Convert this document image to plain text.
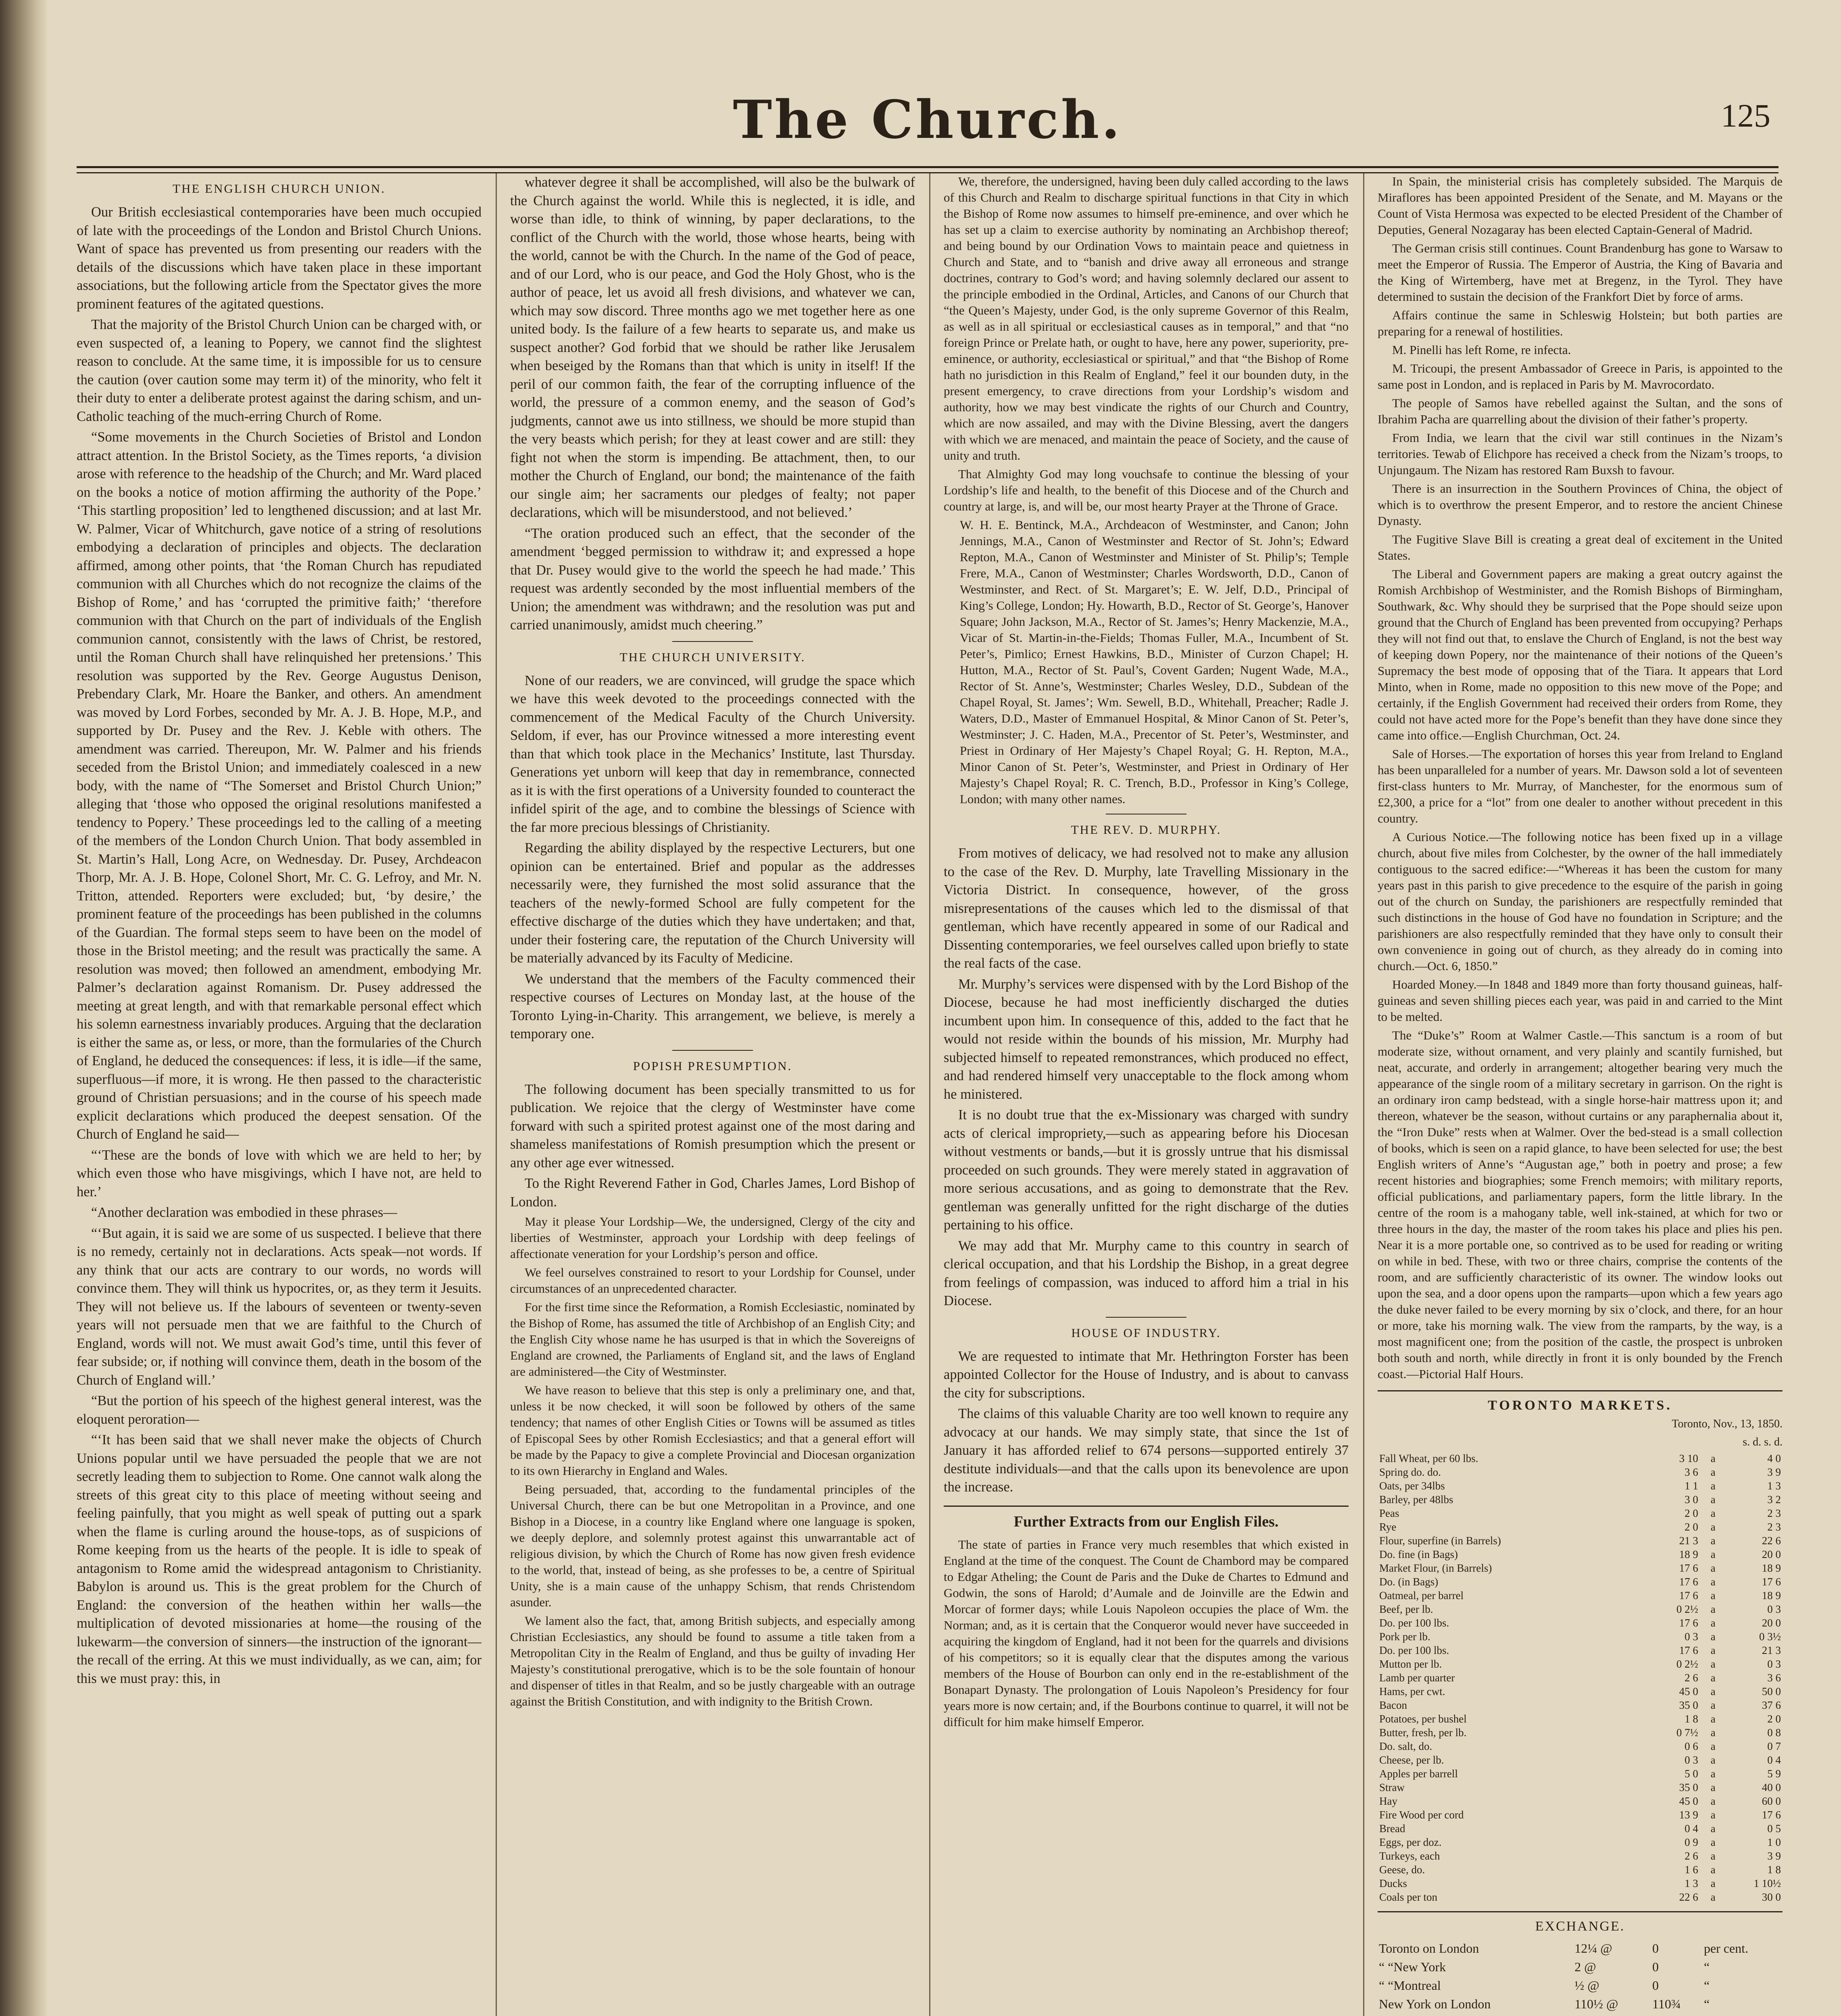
The Church.	125
THE ENGLISH CHURCH UNION.

Our British ecclesiastical contemporaries have been much occupied of late with the proceedings of the London and Bristol Church Unions. Want of space has prevented us from presenting our readers with the details of the discussions which have taken place in these important associations, but the following article from the Spectator gives the more prominent features of the agitated questions.

That the majority of the Bristol Church Union can be charged with, or even suspected of, a leaning to Popery, we cannot find the slightest reason to conclude. At the same time, it is impossible for us to censure the caution (over caution some may term it) of the minority, who felt it their duty to enter a deliberate protest against the daring schism, and un-Catholic teaching of the much-erring Church of Rome.

“Some movements in the Church Societies of Bristol and London attract attention. In the Bristol Society, as the Times reports, ‘a division arose with reference to the headship of the Church; and Mr. Ward placed on the books a notice of motion affirming the authority of the Pope.’ ‘This startling proposition’ led to lengthened discussion; and at last Mr. W. Palmer, Vicar of Whitchurch, gave notice of a string of resolutions embodying a declaration of principles and objects. The declaration affirmed, among other points, that ‘the Roman Church has repudiated communion with all Churches which do not recognize the claims of the Bishop of Rome,’ and has ‘corrupted the primitive faith;’ ‘therefore communion with that Church on the part of individuals of the English communion cannot, consistently with the laws of Christ, be restored, until the Roman Church shall have relinquished her pretensions.’ This resolution was supported by the Rev. George Augustus Denison, Prebendary Clark, Mr. Hoare the Banker, and others. An amendment was moved by Lord Forbes, seconded by Mr. A. J. B. Hope, M.P., and supported by Dr. Pusey and the Rev. J. Keble with others. The amendment was carried. Thereupon, Mr. W. Palmer and his friends seceded from the Bristol Union; and immediately coalesced in a new body, with the name of “The Somerset and Bristol Church Union;” alleging that ‘those who opposed the original resolutions manifested a tendency to Popery.’ These proceedings led to the calling of a meeting of the members of the London Church Union. That body assembled in St. Martin’s Hall, Long Acre, on Wednesday. Dr. Pusey, Archdeacon Thorp, Mr. A. J. B. Hope, Colonel Short, Mr. C. G. Lefroy, and Mr. N. Tritton, attended. Reporters were excluded; but, ‘by desire,’ the prominent feature of the proceedings has been published in the columns of the Guardian. The formal steps seem to have been on the model of those in the Bristol meeting; and the result was practically the same. A resolution was moved; then followed an amendment, embodying Mr. Palmer’s declaration against Romanism. Dr. Pusey addressed the meeting at great length, and with that remarkable personal effect which his solemn earnestness invariably produces. Arguing that the declaration is either the same as, or less, or more, than the formularies of the Church of England, he deduced the consequences: if less, it is idle—if the same, superfluous—if more, it is wrong. He then passed to the characteristic ground of Christian persuasions; and in the course of his speech made explicit declarations which produced the deepest sensation. Of the Church of England he said—

“‘These are the bonds of love with which we are held to her; by which even those who have misgivings, which I have not, are held to her.’

“Another declaration was embodied in these phrases—

“‘But again, it is said we are some of us suspected. I believe that there is no remedy, certainly not in declarations. Acts speak—not words. If any think that our acts are contrary to our words, no words will convince them. They will think us hypocrites, or, as they term it Jesuits. They will not believe us. If the labours of seventeen or twenty-seven years will not persuade men that we are faithful to the Church of England, words will not. We must await God’s time, until this fever of fear subside; or, if nothing will convince them, death in the bosom of the Church of England will.’

“But the portion of his speech of the highest general interest, was the eloquent peroration—

“‘It has been said that we shall never make the objects of Church Unions popular until we have persuaded the people that we are not secretly leading them to subjection to Rome. One cannot walk along the streets of this great city to this place of meeting without seeing and feeling painfully, that you might as well speak of putting out a spark when the flame is curling around the house-tops, as of suspicions of Rome keeping from us the hearts of the people. It is idle to speak of antagonism to Rome amid the widespread antagonism to Christianity. Babylon is around us. This is the great problem for the Church of England: the conversion of the heathen within her walls—the multiplication of devoted missionaries at home—the rousing of the lukewarm—the conversion of sinners—the instruction of the ignorant—the recall of the erring. At this we must individually, as we can, aim; for this we must pray: this, in

whatever degree it shall be accomplished, will also be the bulwark of the Church against the world. While this is neglected, it is idle, and worse than idle, to think of winning, by paper declarations, to the conflict of the Church with the world, those whose hearts, being with the world, cannot be with the Church. In the name of the God of peace, and of our Lord, who is our peace, and God the Holy Ghost, who is the author of peace, let us avoid all fresh divisions, and whatever we can, which may sow discord. Three months ago we met together here as one united body. Is the failure of a few hearts to separate us, and make us suspect another? God forbid that we should be rather like Jerusalem when beseiged by the Romans than that which is unity in itself! If the peril of our common faith, the fear of the corrupting influence of the world, the pressure of a common enemy, and the season of God’s judgments, cannot awe us into stillness, we should be more stupid than the very beasts which perish; for they at least cower and are still: they fight not when the storm is impending. Be attachment, then, to our mother the Church of England, our bond; the maintenance of the faith our single aim; her sacraments our pledges of fealty; not paper declarations, which will be misunderstood, and not believed.’

“The oration produced such an effect, that the seconder of the amendment ‘begged permission to withdraw it; and expressed a hope that Dr. Pusey would give to the world the speech he had made.’ This request was ardently seconded by the most influential members of the Union; the amendment was withdrawn; and the resolution was put and carried unanimously, amidst much cheering.”

THE CHURCH UNIVERSITY.

None of our readers, we are convinced, will grudge the space which we have this week devoted to the proceedings connected with the commencement of the Medical Faculty of the Church University. Seldom, if ever, has our Province witnessed a more interesting event than that which took place in the Mechanics’ Institute, last Thursday. Generations yet unborn will keep that day in remembrance, connected as it is with the first operations of a University founded to counteract the infidel spirit of the age, and to combine the blessings of Science with the far more precious blessings of Christianity.

Regarding the ability displayed by the respective Lecturers, but one opinion can be entertained. Brief and popular as the addresses necessarily were, they furnished the most solid assurance that the teachers of the newly-formed School are fully competent for the effective discharge of the duties which they have undertaken; and that, under their fostering care, the reputation of the Church University will be materially advanced by its Faculty of Medicine.

We understand that the members of the Faculty commenced their respective courses of Lectures on Monday last, at the house of the Toronto Lying-in-Charity. This arrangement, we believe, is merely a temporary one.

POPISH PRESUMPTION.

The following document has been specially transmitted to us for publication. We rejoice that the clergy of Westminster have come forward with such a spirited protest against one of the most daring and shameless manifestations of Romish presumption which the present or any other age ever witnessed.

To the Right Reverend Father in God, Charles James, Lord Bishop of London.

May it please Your Lordship—We, the undersigned, Clergy of the city and liberties of Westminster, approach your Lordship with deep feelings of affectionate veneration for your Lordship’s person and office.

We feel ourselves constrained to resort to your Lordship for Counsel, under circumstances of an unprecedented character.

For the first time since the Reformation, a Romish Ecclesiastic, nominated by the Bishop of Rome, has assumed the title of Archbishop of an English City; and the English City whose name he has usurped is that in which the Sovereigns of England are crowned, the Parliaments of England sit, and the laws of England are administered—the City of Westminster.

We have reason to believe that this step is only a preliminary one, and that, unless it be now checked, it will soon be followed by others of the same tendency; that names of other English Cities or Towns will be assumed as titles of Episcopal Sees by other Romish Ecclesiastics; and that a general effort will be made by the Papacy to give a complete Provincial and Diocesan organization to its own Hierarchy in England and Wales.

Being persuaded, that, according to the fundamental principles of the Universal Church, there can be but one Metropolitan in a Province, and one Bishop in a Diocese, in a country like England where one language is spoken, we deeply deplore, and solemnly protest against this unwarrantable act of religious division, by which the Church of Rome has now given fresh evidence to the world, that, instead of being, as she professes to be, a centre of Spiritual Unity, she is a main cause of the unhappy Schism, that rends Christendom asunder.

We lament also the fact, that, among British subjects, and especially among Christian Ecclesiastics, any should be found to assume a title taken from a Metropolitan City in the Realm of England, and thus be guilty of invading Her Majesty’s constitutional prerogative, which is to be the sole fountain of honour and dispenser of titles in that Realm, and so be justly chargeable with an outrage against the British Constitution, and with indignity to the British Crown.

We, therefore, the undersigned, having been duly called according to the laws of this Church and Realm to discharge spiritual functions in that City in which the Bishop of Rome now assumes to himself pre-eminence, and over which he has set up a claim to exercise authority by nominating an Archbishop thereof; and being bound by our Ordination Vows to maintain peace and quietness in Church and State, and to “banish and drive away all erroneous and strange doctrines, contrary to God’s word; and having solemnly declared our assent to the principle embodied in the Ordinal, Articles, and Canons of our Church that “the Queen’s Majesty, under God, is the only supreme Governor of this Realm, as well as in all spiritual or ecclesiastical causes as in temporal,” and that “no foreign Prince or Prelate hath, or ought to have, here any power, superiority, pre-eminence, or authority, ecclesiastical or spiritual,” and that “the Bishop of Rome hath no jurisdiction in this Realm of England,” feel it our bounden duty, in the present emergency, to crave directions from your Lordship’s wisdom and authority, how we may best vindicate the rights of our Church and Country, which are now assailed, and may with the Divine Blessing, avert the dangers with which we are menaced, and maintain the peace of Society, and the cause of unity and truth.

That Almighty God may long vouchsafe to continue the blessing of your Lordship’s life and health, to the benefit of this Diocese and of the Church and country at large, is, and will be, our most hearty Prayer at the Throne of Grace.

W. H. E. Bentinck, M.A., Archdeacon of Westminster, and Canon; John Jennings, M.A., Canon of Westminster and Rector of St. John’s; Edward Repton, M.A., Canon of Westminster and Minister of St. Philip’s; Temple Frere, M.A., Canon of Westminster; Charles Wordsworth, D.D., Canon of Westminster, and Rect. of St. Margaret’s; E. W. Jelf, D.D., Principal of King’s College, London; Hy. Howarth, B.D., Rector of St. George’s, Hanover Square; John Jackson, M.A., Rector of St. James’s; Henry Mackenzie, M.A., Vicar of St. Martin-in-the-Fields; Thomas Fuller, M.A., Incumbent of St. Peter’s, Pimlico; Ernest Hawkins, B.D., Minister of Curzon Chapel; H. Hutton, M.A., Rector of St. Paul’s, Covent Garden; Nugent Wade, M.A., Rector of St. Anne’s, Westminster; Charles Wesley, D.D., Subdean of the Chapel Royal, St. James’; Wm. Sewell, B.D., Whitehall, Preacher; Radle J. Waters, D.D., Master of Emmanuel Hospital, & Minor Canon of St. Peter’s, Westminster; J. C. Haden, M.A., Precentor of St. Peter’s, Westminster, and Priest in Ordinary of Her Majesty’s Chapel Royal; G. H. Repton, M.A., Minor Canon of St. Peter’s, Westminster, and Priest in Ordinary of Her Majesty’s Chapel Royal; R. C. Trench, B.D., Professor in King’s College, London; with many other names.

THE REV. D. MURPHY.

From motives of delicacy, we had resolved not to make any allusion to the case of the Rev. D. Murphy, late Travelling Missionary in the Victoria District. In consequence, however, of the gross misrepresentations of the causes which led to the dismissal of that gentleman, which have recently appeared in some of our Radical and Dissenting contemporaries, we feel ourselves called upon briefly to state the real facts of the case.

Mr. Murphy’s services were dispensed with by the Lord Bishop of the Diocese, because he had most inefficiently discharged the duties incumbent upon him. In consequence of this, added to the fact that he would not reside within the bounds of his mission, Mr. Murphy had subjected himself to repeated remonstrances, which produced no effect, and had rendered himself very unacceptable to the flock among whom he ministered.

It is no doubt true that the ex-Missionary was charged with sundry acts of clerical impropriety,—such as appearing before his Diocesan without vestments or bands,—but it is grossly untrue that his dismissal proceeded on such grounds. They were merely stated in aggravation of more serious accusations, and as going to demonstrate that the Rev. gentleman was generally unfitted for the right discharge of the duties pertaining to his office.

We may add that Mr. Murphy came to this country in search of clerical occupation, and that his Lordship the Bishop, in a great degree from feelings of compassion, was induced to afford him a trial in his Diocese.

HOUSE OF INDUSTRY.

We are requested to intimate that Mr. Hethrington Forster has been appointed Collector for the House of Industry, and is about to canvass the city for subscriptions.

The claims of this valuable Charity are too well known to require any advocacy at our hands. We may simply state, that since the 1st of January it has afforded relief to 674 persons—supported entirely 37 destitute individuals—and that the calls upon its benevolence are upon the increase.

Further Extracts from our English Files.

The state of parties in France very much resembles that which existed in England at the time of the conquest. The Count de Chambord may be compared to Edgar Atheling; the Count de Paris and the Duke de Chartes to Edmund and Godwin, the sons of Harold; d’Aumale and de Joinville are the Edwin and Morcar of former days; while Louis Napoleon occupies the place of Wm. the Norman; and, as it is certain that the Conqueror would never have succeeded in acquiring the kingdom of England, had it not been for the quarrels and divisions of his competitors; so it is equally clear that the disputes among the various members of the House of Bourbon can only end in the re-establishment of the Bonapart Dynasty. The prolongation of Louis Napoleon’s Presidency for four years more is now certain; and, if the Bourbons continue to quarrel, it will not be difficult for him make himself Emperor.

In Spain, the ministerial crisis has completely subsided. The Marquis de Miraflores has been appointed President of the Senate, and M. Mayans or the Count of Vista Hermosa was expected to be elected President of the Chamber of Deputies, General Nozagaray has been elected Captain-General of Madrid.

The German crisis still continues. Count Brandenburg has gone to Warsaw to meet the Emperor of Russia. The Emperor of Austria, the King of Bavaria and the King of Wirtemberg, have met at Bregenz, in the Tyrol. They have determined to sustain the decision of the Frankfort Diet by force of arms.

Affairs continue the same in Schleswig Holstein; but both parties are preparing for a renewal of hostilities.

M. Pinelli has left Rome, re infecta.

M. Tricoupi, the present Ambassador of Greece in Paris, is appointed to the same post in London, and is replaced in Paris by M. Mavrocordato.

The people of Samos have rebelled against the Sultan, and the sons of Ibrahim Pacha are quarrelling about the division of their father’s property.

From India, we learn that the civil war still continues in the Nizam’s territories. Tewab of Elichpore has received a check from the Nizam’s troops, to Unjungaum. The Nizam has restored Ram Buxsh to favour.

There is an insurrection in the Southern Provinces of China, the object of which is to overthrow the present Emperor, and to restore the ancient Chinese Dynasty.

The Fugitive Slave Bill is creating a great deal of excitement in the United States.

The Liberal and Government papers are making a great outcry against the Romish Archbishop of Westminister, and the Romish Bishops of Birmingham, Southwark, &c. Why should they be surprised that the Pope should seize upon ground that the Church of England has been prevented from occupying? Perhaps they will not find out that, to enslave the Church of England, is not the best way of keeping down Popery, nor the maintenance of their notions of the Queen’s Supremacy the best mode of opposing that of the Tiara. It appears that Lord Minto, when in Rome, made no opposition to this new move of the Pope; and certainly, if the English Government had received their orders from Rome, they could not have acted more for the Pope’s benefit than they have done since they came into office.—English Churchman, Oct. 24.

Sale of Horses.—The exportation of horses this year from Ireland to England has been unparalleled for a number of years. Mr. Dawson sold a lot of seventeen first-class hunters to Mr. Murray, of Manchester, for the enormous sum of £2,300, a price for a “lot” from one dealer to another without precedent in this country.

A Curious Notice.—The following notice has been fixed up in a village church, about five miles from Colchester, by the owner of the hall immediately contiguous to the sacred edifice:—“Whereas it has been the custom for many years past in this parish to give precedence to the esquire of the parish in going out of the church on Sunday, the parishioners are respectfully reminded that such distinctions in the house of God have no foundation in Scripture; and the parishioners are also respectfully reminded that they have only to consult their own convenience in going out of church, as they already do in coming into church.—Oct. 6, 1850.”

Hoarded Money.—In 1848 and 1849 more than forty thousand guineas, half-guineas and seven shilling pieces each year, was paid in and carried to the Mint to be melted.

The “Duke’s” Room at Walmer Castle.—This sanctum is a room of but moderate size, without ornament, and very plainly and scantily furnished, but neat, accurate, and orderly in arrangement; altogether bearing very much the appearance of the single room of a military secretary in garrison. On the right is an ordinary iron camp bedstead, with a single horse-hair mattress upon it; and thereon, whatever be the season, without curtains or any paraphernalia about it, the “Iron Duke” rests when at Walmer. Over the bed-stead is a small collection of books, which is seen on a rapid glance, to have been selected for use; the best English writers of Anne’s “Augustan age,” both in poetry and prose; a few recent histories and biographies; some French memoirs; with military reports, official publications, and parliamentary papers, form the little library. In the centre of the room is a mahogany table, well ink-stained, at which for two or three hours in the day, the master of the room takes his place and plies his pen. Near it is a more portable one, so contrived as to be used for reading or writing on while in bed. These, with two or three chairs, comprise the contents of the room, and are sufficiently characteristic of its owner. The window looks out upon the sea, and a door opens upon the ramparts—upon which a few years ago the duke never failed to be every morning by six o’clock, and there, for an hour or more, take his morning walk. The view from the ramparts, by the way, is a most magnificent one; from the position of the castle, the prospect is unbroken both south and north, while directly in front it is only bounded by the French coast.—Pictorial Half Hours.

TORONTO MARKETS.
Toronto, Nov., 13, 1850.
s. d. s. d.
Fall Wheat, per 60 lbs.	3 10	a	4 0
Spring do. do.	3 6	a	3 9
Oats, per 34lbs	1 1	a	1 3
Barley, per 48lbs	3 0	a	3 2
Peas	2 0	a	2 3
Rye	2 0	a	2 3
Flour, superfine (in Barrels)	21 3	a	22 6
Do. fine (in Bags)	18 9	a	20 0
Market Flour, (in Barrels)	17 6	a	18 9
Do. (in Bags)	17 6	a	17 6
Oatmeal, per barrel	17 6	a	18 9
Beef, per lb.	0 2½	a	0 3
Do. per 100 lbs.	17 6	a	20 0
Pork per lb.	0 3	a	0 3½
Do. per 100 lbs.	17 6	a	21 3
Mutton per lb.	0 2½	a	0 3
Lamb per quarter	2 6	a	3 6
Hams, per cwt.	45 0	a	50 0
Bacon	35 0	a	37 6
Potatoes, per bushel	1 8	a	2 0
Butter, fresh, per lb.	0 7½	a	0 8
Do. salt, do.	0 6	a	0 7
Cheese, per lb.	0 3	a	0 4
Apples per barrell	5 0	a	5 9
Straw	35 0	a	40 0
Hay	45 0	a	60 0
Fire Wood per cord	13 9	a	17 6
Bread	0 4	a	0 5
Eggs, per doz.	0 9	a	1 0
Turkeys, each	2 6	a	3 9
Geese, do.	1 6	a	1 8
Ducks	1 3	a	1 10½
Coals per ton	22 6	a	30 0
EXCHANGE.
Toronto on London	12¼ @	0	per cent.
“ “New York	2 @	0	“
“ “Montreal	½ @	0	“
New York on London	110½ @	110¾	“
